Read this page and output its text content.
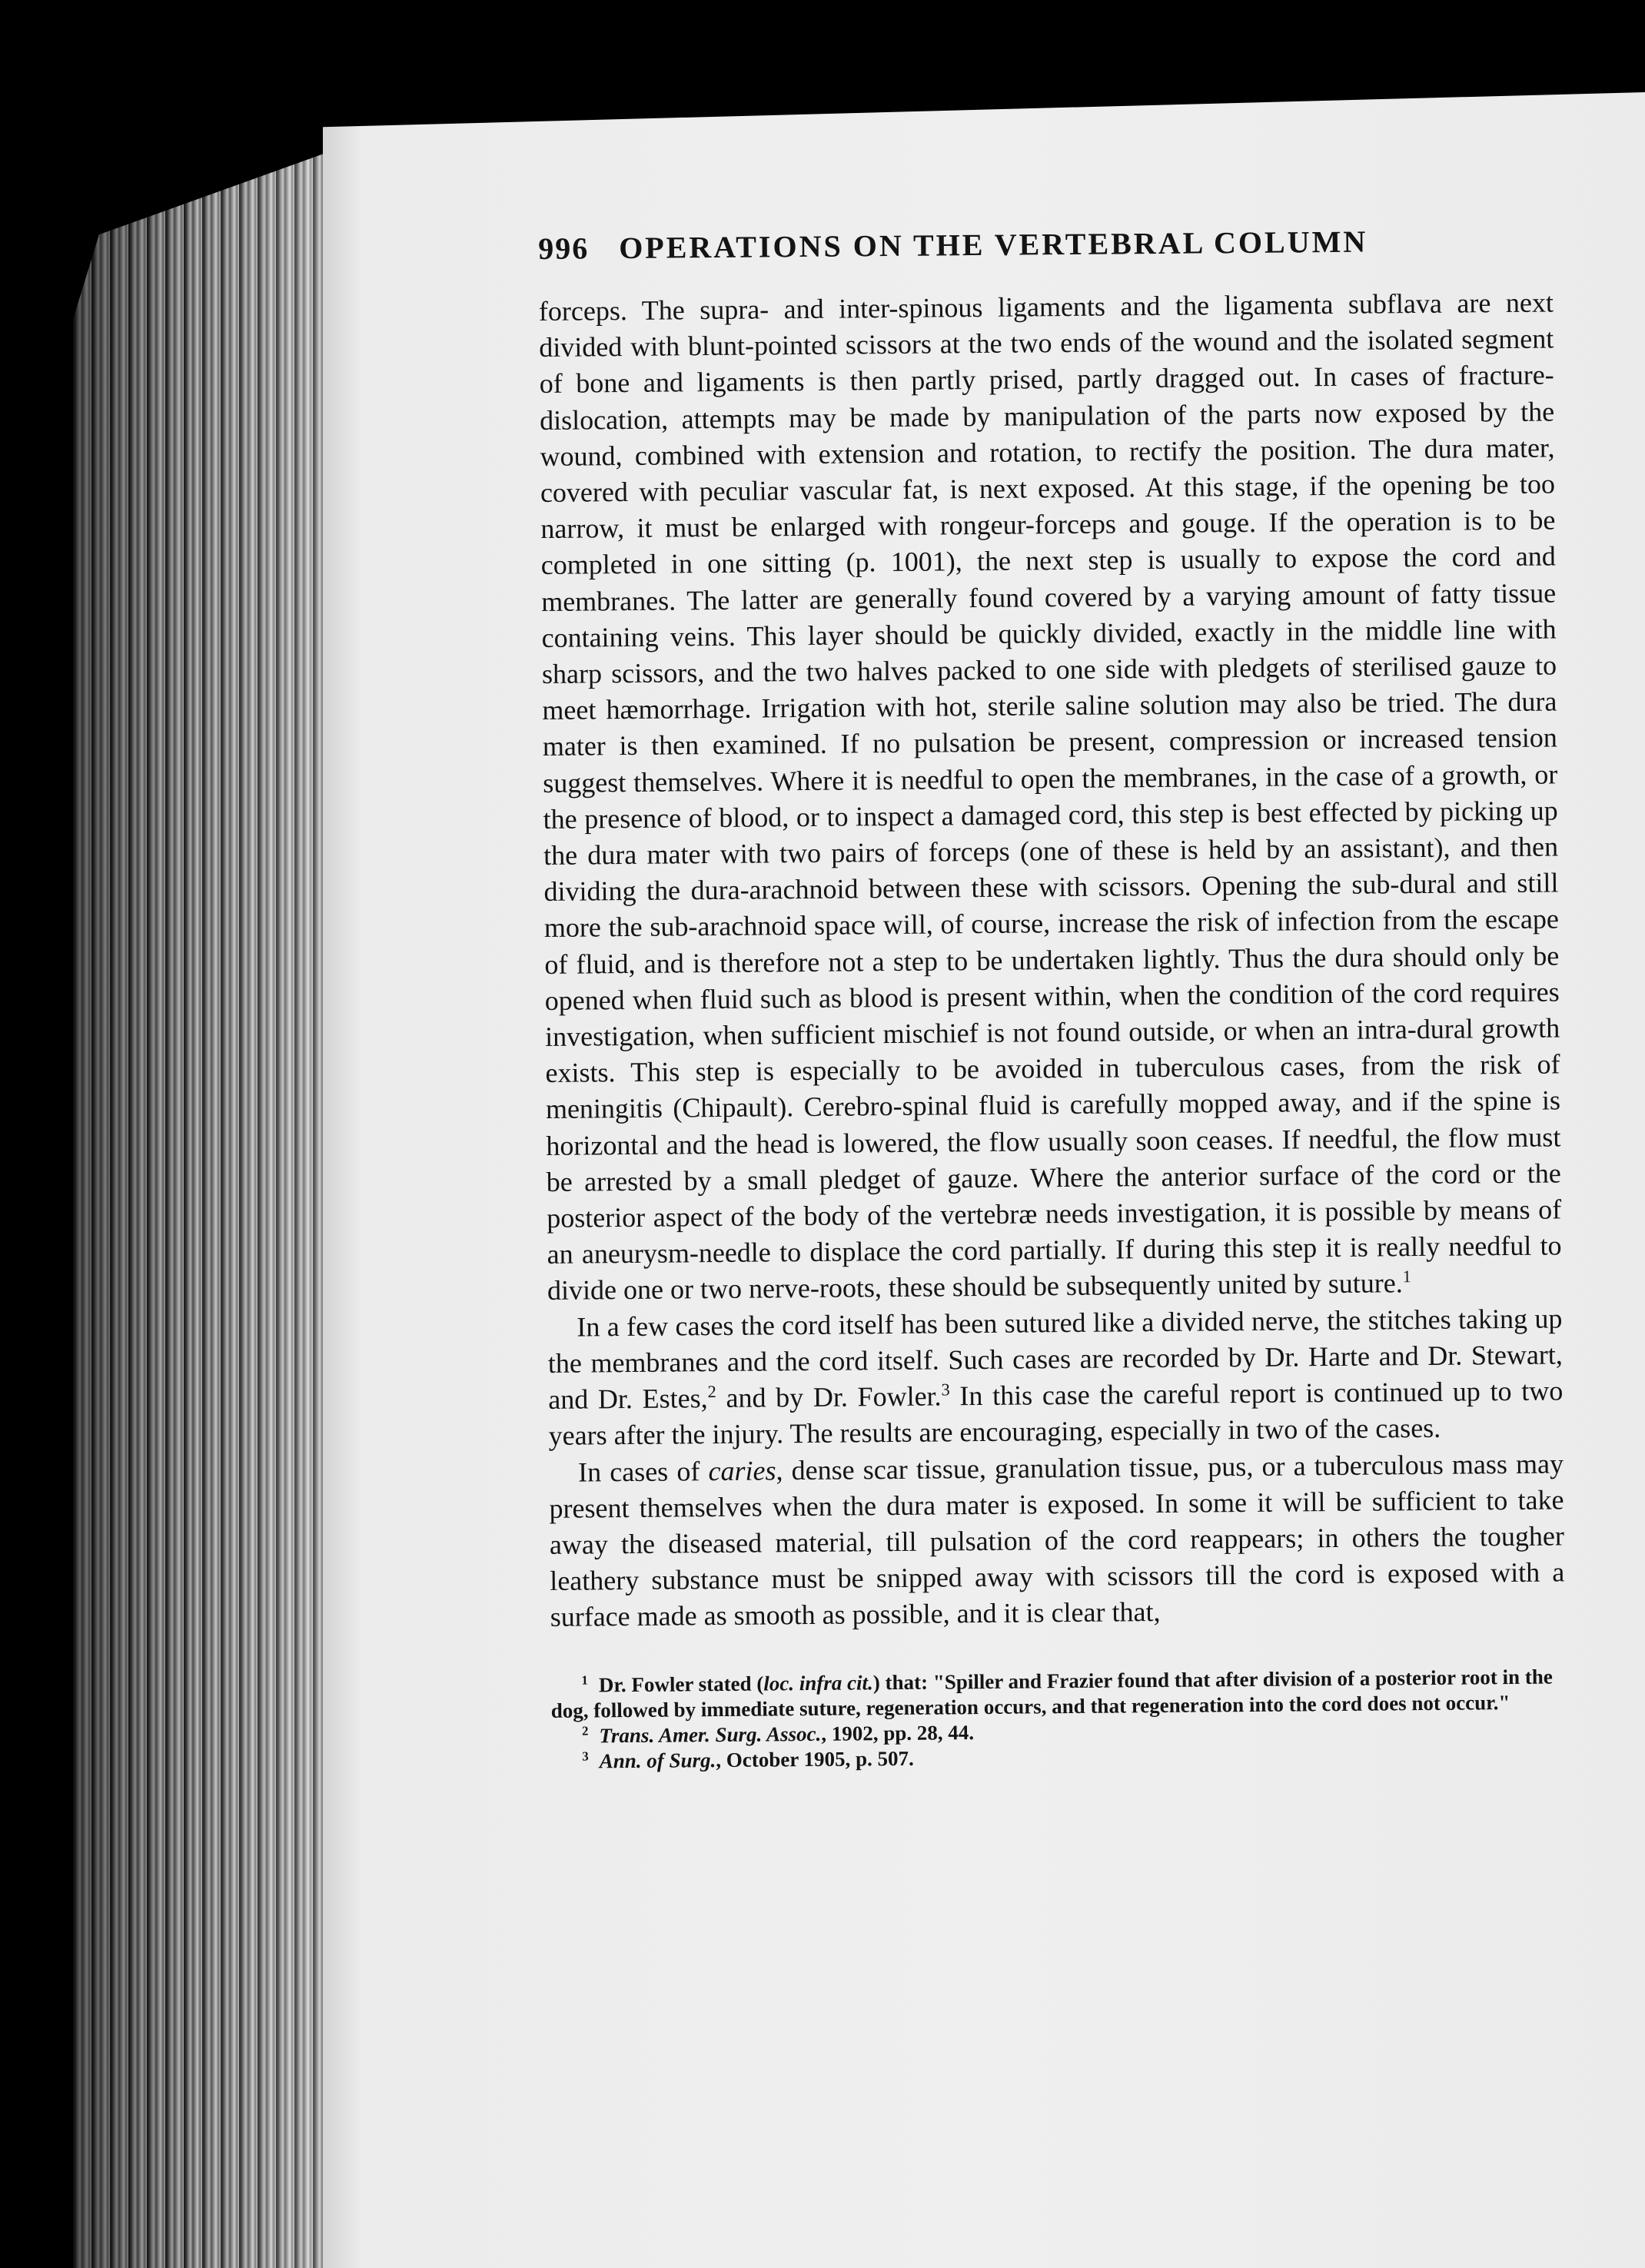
996 OPERATIONS ON THE VERTEBRAL COLUMN

forceps. The supra- and inter-spinous ligaments and the ligamenta subflava are next divided with blunt-pointed scissors at the two ends of the wound and the isolated segment of bone and ligaments is then partly prised, partly dragged out. In cases of fracture-dislocation, attempts may be made by manipulation of the parts now exposed by the wound, combined with extension and rotation, to rectify the position. The dura mater, covered with peculiar vascular fat, is next exposed. At this stage, if the opening be too narrow, it must be enlarged with rongeur-forceps and gouge. If the operation is to be completed in one sitting (p. 1001), the next step is usually to expose the cord and membranes. The latter are generally found covered by a varying amount of fatty tissue containing veins. This layer should be quickly divided, exactly in the middle line with sharp scissors, and the two halves packed to one side with pledgets of sterilised gauze to meet hæmorrhage. Irrigation with hot, sterile saline solution may also be tried. The dura mater is then examined. If no pulsation be present, compression or increased tension suggest themselves. Where it is needful to open the membranes, in the case of a growth, or the presence of blood, or to inspect a damaged cord, this step is best effected by picking up the dura mater with two pairs of forceps (one of these is held by an assistant), and then dividing the dura-arachnoid between these with scissors. Opening the sub-dural and still more the sub-arachnoid space will, of course, increase the risk of infection from the escape of fluid, and is therefore not a step to be undertaken lightly. Thus the dura should only be opened when fluid such as blood is present within, when the condition of the cord requires investigation, when sufficient mischief is not found outside, or when an intra-dural growth exists. This step is especially to be avoided in tuberculous cases, from the risk of meningitis (Chipault). Cerebro-spinal fluid is carefully mopped away, and if the spine is horizontal and the head is lowered, the flow usually soon ceases. If needful, the flow must be arrested by a small pledget of gauze. Where the anterior surface of the cord or the posterior aspect of the body of the vertebræ needs investigation, it is possible by means of an aneurysm-needle to displace the cord partially. If during this step it is really needful to divide one or two nerve-roots, these should be subsequently united by suture.$^1$

In a few cases the cord itself has been sutured like a divided nerve, the stitches taking up the membranes and the cord itself. Such cases are recorded by Dr. Harte and Dr. Stewart, and Dr. Estes,$^2$ and by Dr. Fowler.$^3$ In this case the careful report is continued up to two years after the injury. The results are encouraging, especially in two of the cases.

In cases of caries, dense scar tissue, granulation tissue, pus, or a tuberculous mass may present themselves when the dura mater is exposed. In some it will be sufficient to take away the diseased material, till pulsation of the cord reappears; in others the tougher leathery substance must be snipped away with scissors till the cord is exposed with a surface made as smooth as possible, and it is clear that,

$^1$ Dr. Fowler stated (loc. infra cit.) that: "Spiller and Frazier found that after division of a posterior root in the dog, followed by immediate suture, regeneration occurs, and that regeneration into the cord does not occur."

$^2$ Trans. Amer. Surg. Assoc., 1902, pp. 28, 44.

$^3$ Ann. of Surg., October 1905, p. 507.
